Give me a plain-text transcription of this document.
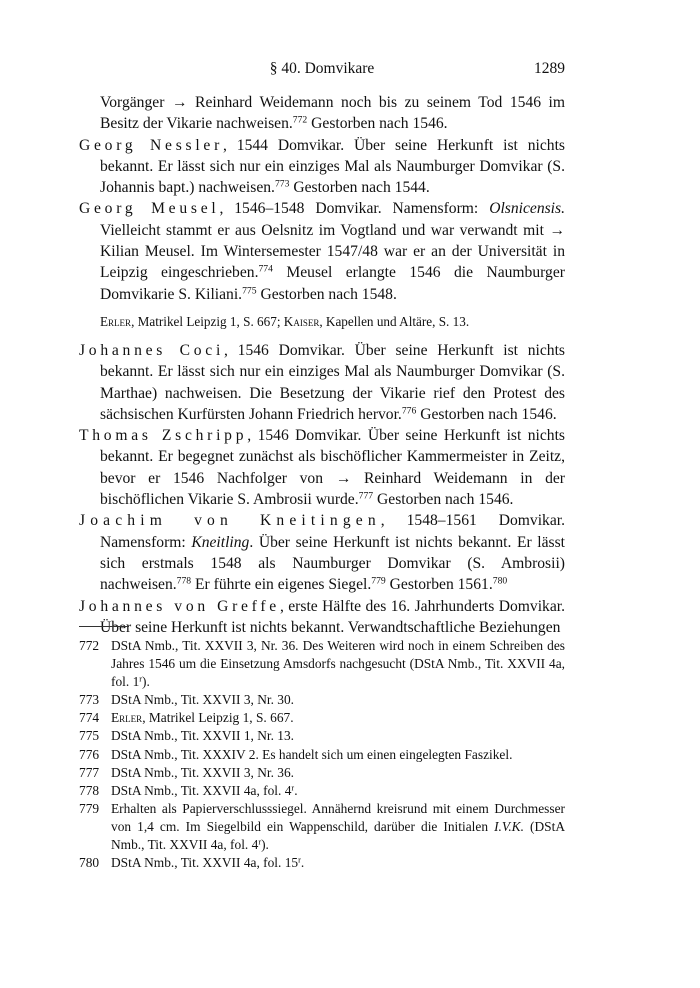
§ 40. Domvikare	1289

Vorgänger → Reinhard Weidemann noch bis zu seinem Tod 1546 im Besitz der Vikarie nachweisen.$^{772}$ Gestorben nach 1546.

Georg Nessler, 1544 Domvikar. Über seine Herkunft ist nichts bekannt. Er lässt sich nur ein einziges Mal als Naumburger Domvikar (S. Johannis bapt.) nachweisen.$^{773}$ Gestorben nach 1544.

Georg Meusel, 1546–1548 Domvikar. Namensform: Olsnicensis. Vielleicht stammt er aus Oelsnitz im Vogtland und war verwandt mit → Kilian Meusel. Im Wintersemester 1547/48 war er an der Universität in Leipzig eingeschrieben.$^{774}$ Meusel erlangte 1546 die Naumburger Domvikarie S. Kiliani.$^{775}$ Gestorben nach 1548.

Erler, Matrikel Leipzig 1, S. 667; Kaiser, Kapellen und Altäre, S. 13.

Johannes Coci, 1546 Domvikar. Über seine Herkunft ist nichts bekannt. Er lässt sich nur ein einziges Mal als Naumburger Domvikar (S. Marthae) nachweisen. Die Besetzung der Vikarie rief den Protest des sächsischen Kurfürsten Johann Friedrich hervor.$^{776}$ Gestorben nach 1546.

Thomas Zschripp, 1546 Domvikar. Über seine Herkunft ist nichts bekannt. Er begegnet zunächst als bischöflicher Kammermeister in Zeitz, bevor er 1546 Nachfolger von → Reinhard Weidemann in der bischöflichen Vikarie S. Ambrosii wurde.$^{777}$ Gestorben nach 1546.

Joachim von Kneitingen, 1548–1561 Domvikar. Namensform: Kneitling. Über seine Herkunft ist nichts bekannt. Er lässt sich erstmals 1548 als Naumburger Domvikar (S. Ambrosii) nachweisen.$^{778}$ Er führte ein eigenes Siegel.$^{779}$ Gestorben 1561.$^{780}$

Johannes von Greffe, erste Hälfte des 16. Jahrhunderts Domvikar. Über seine Herkunft ist nichts bekannt. Verwandtschaftliche Beziehungen

772 DStA Nmb., Tit. XXVII 3, Nr. 36. Des Weiteren wird noch in einem Schreiben des Jahres 1546 um die Einsetzung Amsdorfs nachgesucht (DStA Nmb., Tit. XXVII 4a, fol. 1$^r$).

773 DStA Nmb., Tit. XXVII 3, Nr. 30.

774 Erler, Matrikel Leipzig 1, S. 667.

775 DStA Nmb., Tit. XXVII 1, Nr. 13.

776 DStA Nmb., Tit. XXXIV 2. Es handelt sich um einen eingelegten Faszikel.

777 DStA Nmb., Tit. XXVII 3, Nr. 36.

778 DStA Nmb., Tit. XXVII 4a, fol. 4$^r$.

779 Erhalten als Papierverschlusssiegel. Annähernd kreisrund mit einem Durchmesser von 1,4 cm. Im Siegelbild ein Wappenschild, darüber die Initialen I.V.K. (DStA Nmb., Tit. XXVII 4a, fol. 4$^r$).

780 DStA Nmb., Tit. XXVII 4a, fol. 15$^r$.
